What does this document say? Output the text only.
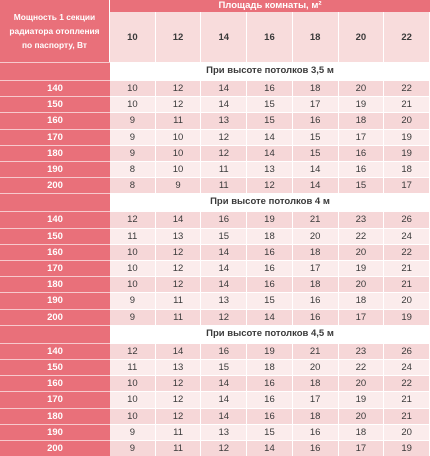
Мощность 1 секции
радиатора отопления
по паспорту, Вт	Площадь комнаты, м²						
	10	12	14	16	18	20	22
	При высоте потолков 3,5 м						
140	10	12	14	16	18	20	22
150	10	12	14	15	17	19	21
160	9	11	13	15	16	18	20
170	9	10	12	14	15	17	19
180	9	10	12	14	15	16	19
190	8	10	11	13	14	16	18
200	8	9	11	12	14	15	17
	При высоте потолков 4 м						
140	12	14	16	19	21	23	26
150	11	13	15	18	20	22	24
160	10	12	14	16	18	20	22
170	10	12	14	16	17	19	21
180	10	12	14	16	18	20	21
190	9	11	13	15	16	18	20
200	9	11	12	14	16	17	19
	При высоте потолков 4,5 м						
140	12	14	16	19	21	23	26
150	11	13	15	18	20	22	24
160	10	12	14	16	18	20	22
170	10	12	14	16	17	19	21
180	10	12	14	16	18	20	21
190	9	11	13	15	16	18	20
200	9	11	12	14	16	17	19
